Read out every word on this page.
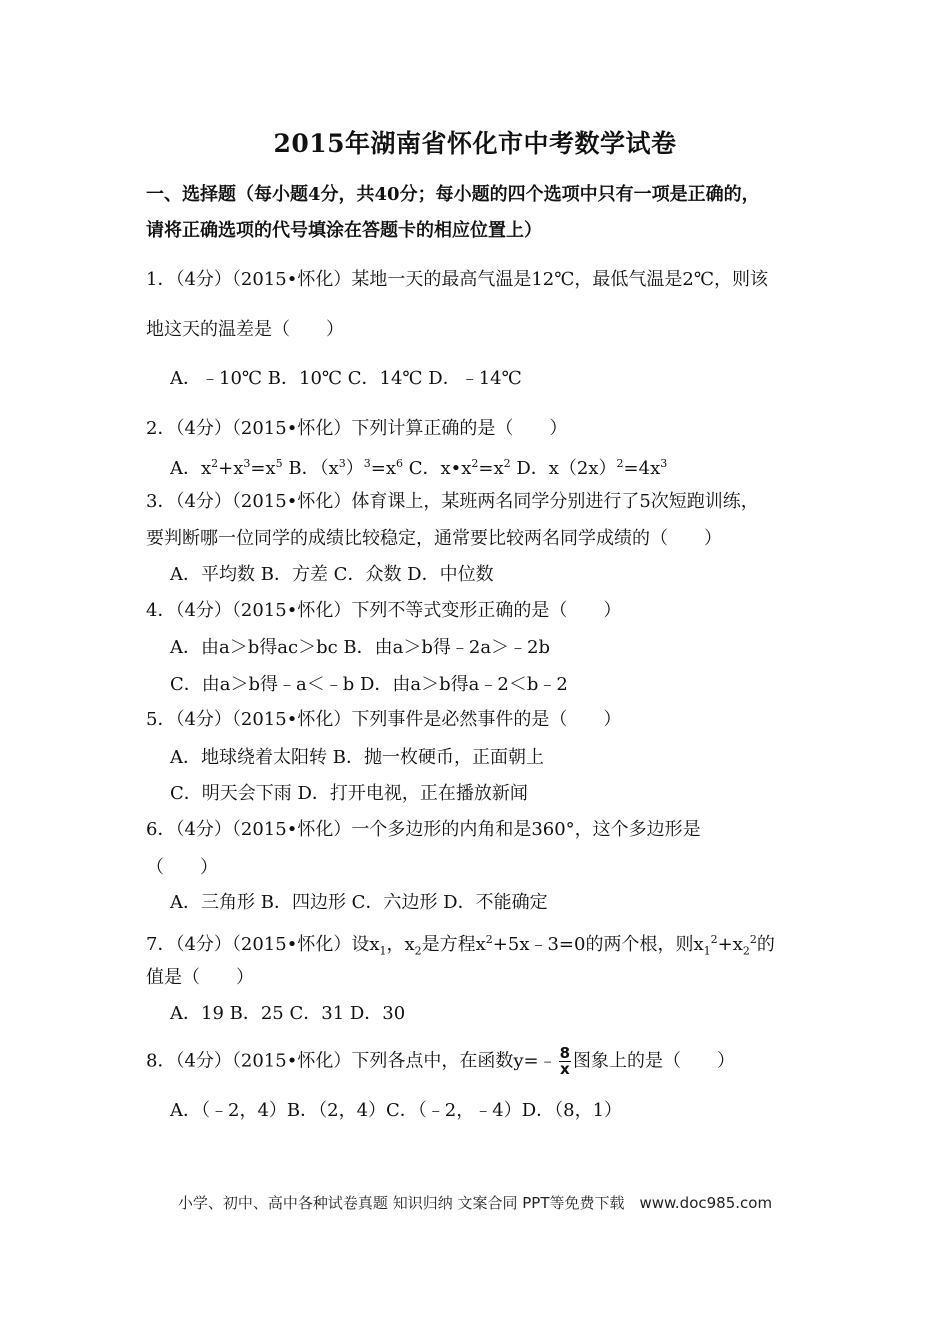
2015年湖南省怀化市中考数学试卷
一、选择题（每小题4分，共40分；每小题的四个选项中只有一项是正确的，
请将正确选项的代号填涂在答题卡的相应位置上）
1．（4分）（2015•怀化）某地一天的最高气温是12℃，最低气温是2℃，则该
地这天的温差是（　　）
A．﹣10℃ B．10℃ C．14℃ D．﹣14℃
2．（4分）（2015•怀化）下列计算正确的是（　　）
A．$x^2+x^3=x^5$ B．$(x^3)^3=x^6$ C．$x•x^2=x^2$ D．$x(2x)^2=4x^3$
3．（4分）（2015•怀化）体育课上，某班两名同学分别进行了5次短跑训练，
要判断哪一位同学的成绩比较稳定，通常要比较两名同学成绩的（　　）
A．平均数 B．方差 C．众数 D．中位数
4．（4分）（2015•怀化）下列不等式变形正确的是（　　）
A．由a＞b得ac＞bc B．由a＞b得﹣2a＞﹣2b
C．由a＞b得﹣a＜﹣b D．由a＞b得a﹣2＜b﹣2
5．（4分）（2015•怀化）下列事件是必然事件的是（　　）
A．地球绕着太阳转 B．抛一枚硬币，正面朝上
C．明天会下雨 D．打开电视，正在播放新闻
6．（4分）（2015•怀化）一个多边形的内角和是360°，这个多边形是
（　　）
A．三角形 B．四边形 C．六边形 D．不能确定
7．（4分）（2015•怀化）设$x_1$，$x_2$是方程$x^2+5x﹣3=0$的两个根，则$x_1^2+x_2^2$的
值是（　　）
A．19 B．25 C．31 D．30
8．（4分）（2015•怀化）下列各点中，在函数y=﹣ $\frac{8}{x}$ 图象上的是（　　）
A．（﹣2，4）B．（2，4）C．（﹣2，﹣4）D．（8，1）
小学、初中、高中各种试卷真题 知识归纳 文案合同 PPT等免费下载　www.doc985.com
